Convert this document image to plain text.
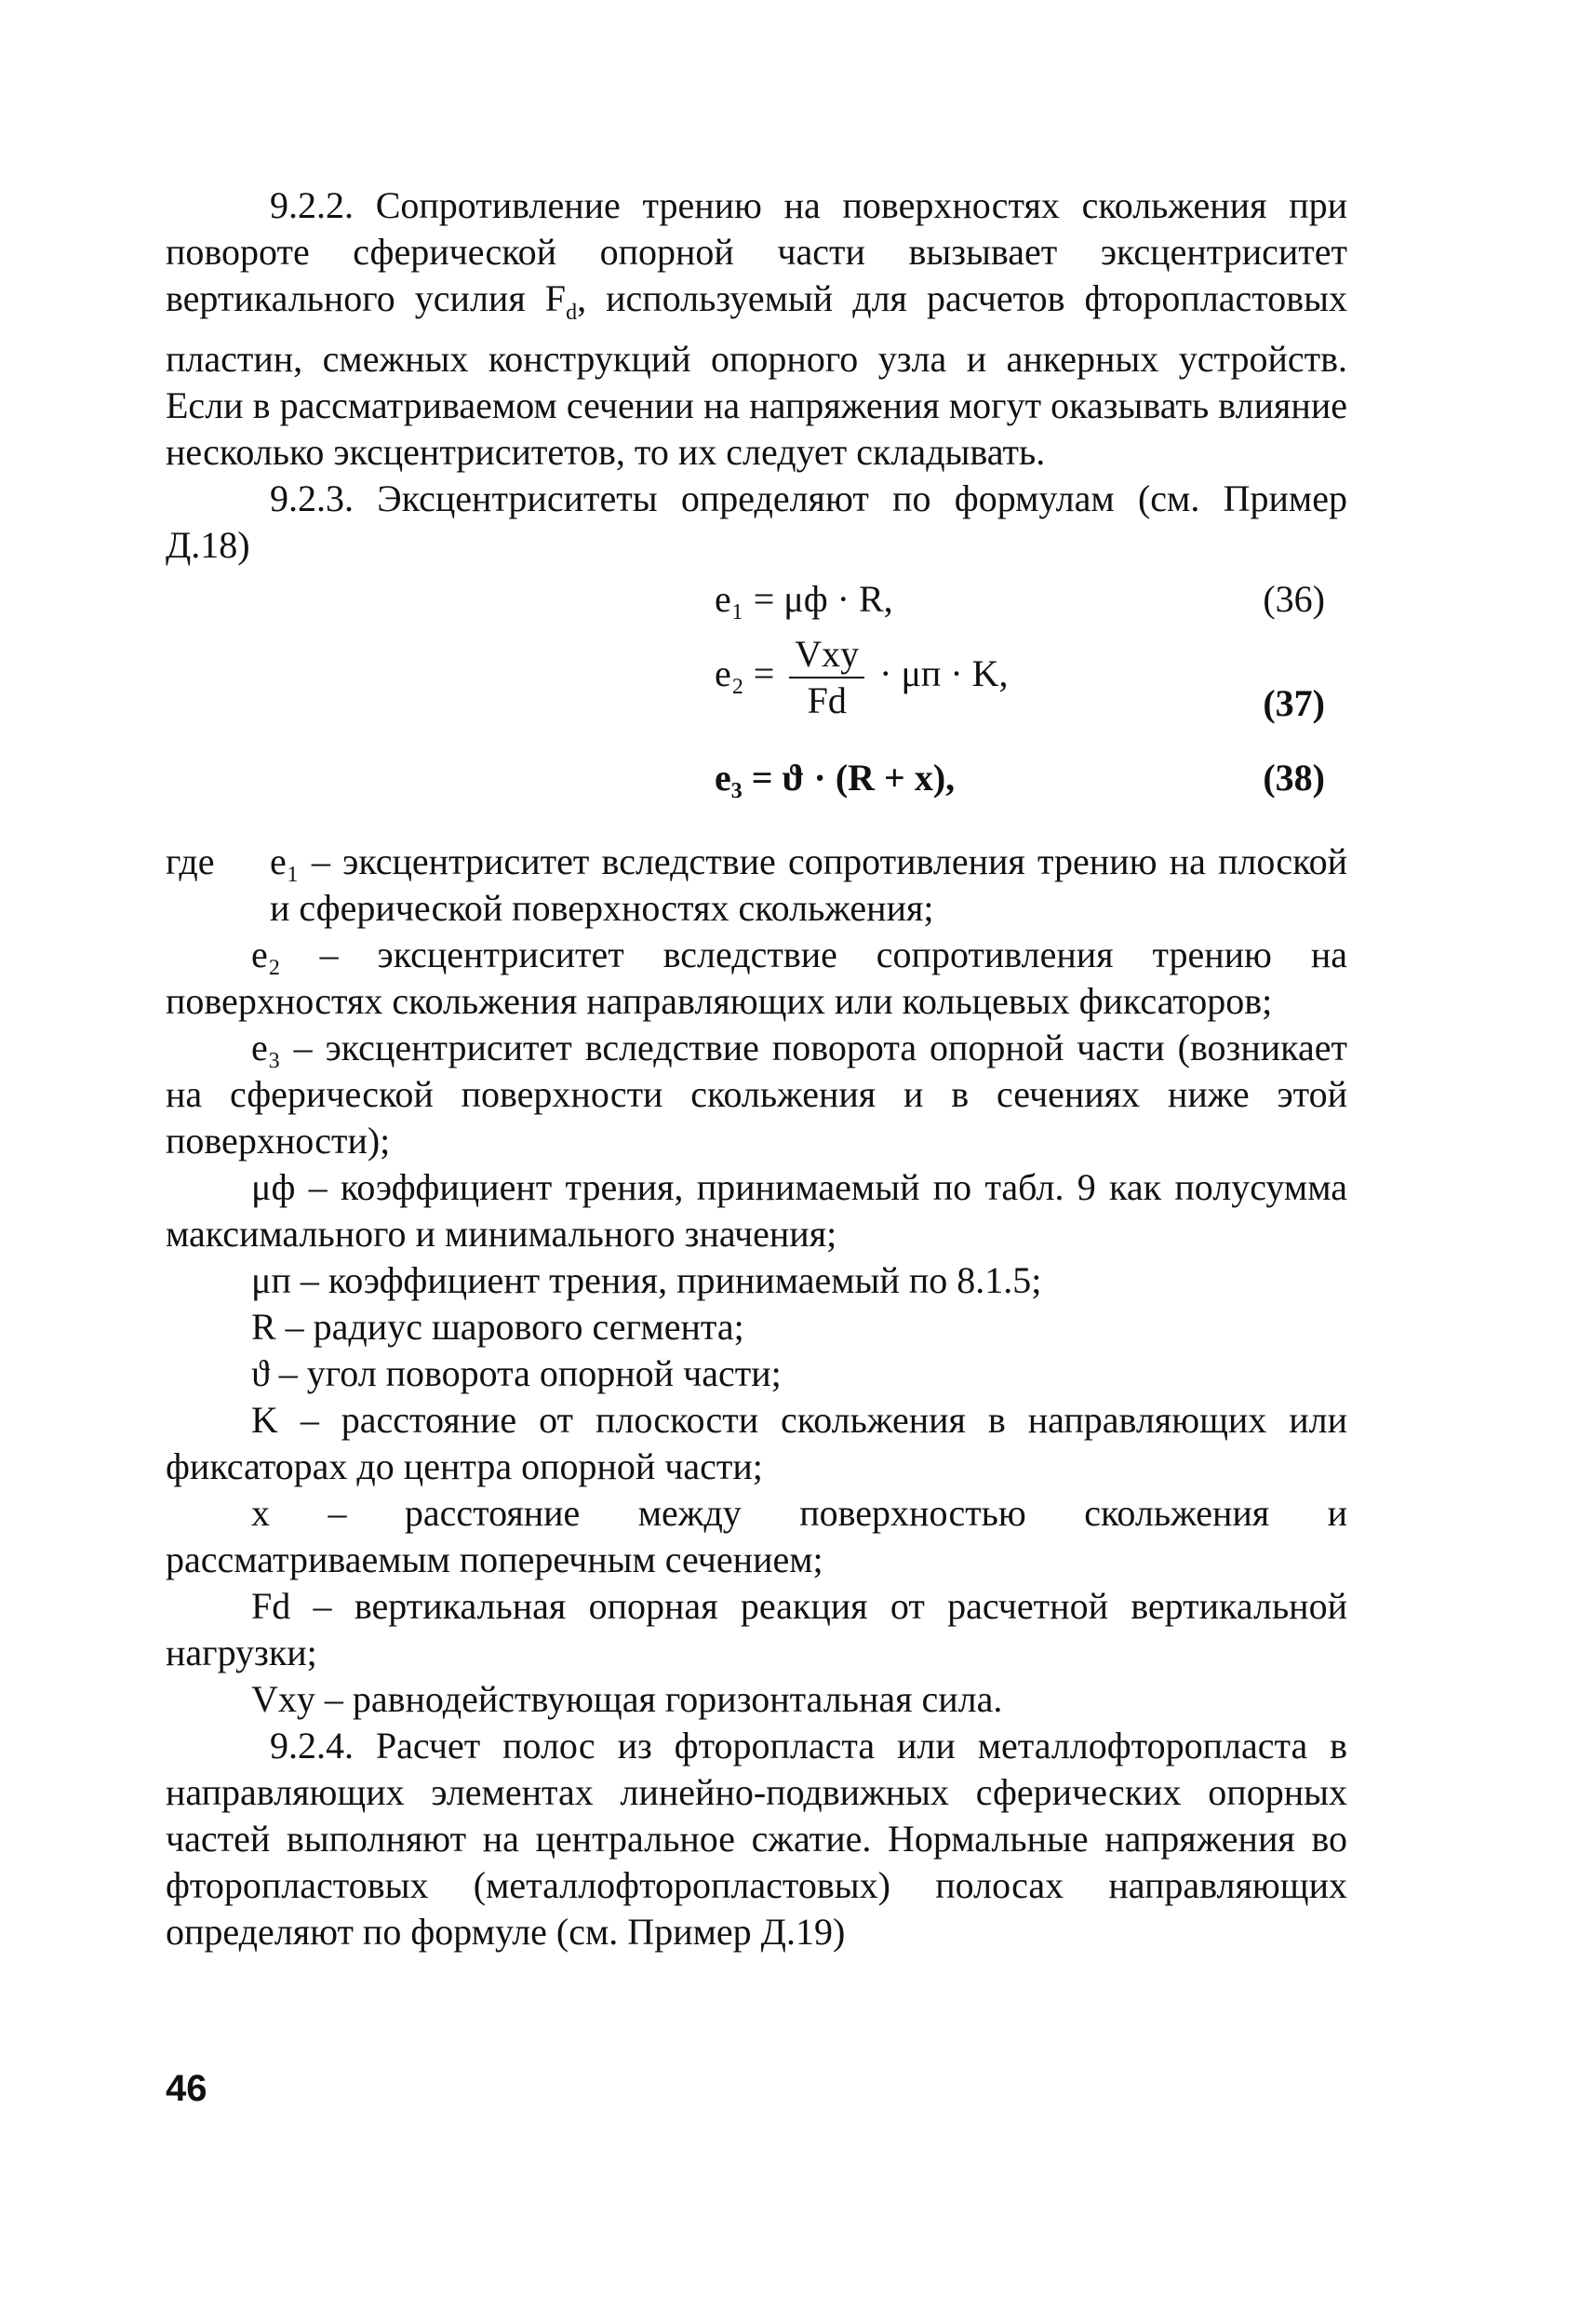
9.2.2. Сопротивление трению на поверхностях скольжения при повороте сферической опорной части вызывает эксцентриситет вертикального усилия $F_d$, используемый для расчетов фторопластовых пластин, смежных конструкций опорного узла и анкерных устройств. Если в рассматриваемом сечении на напряжения могут оказывать влияние несколько эксцентриситетов, то их следует складывать.

9.2.3. Эксцентриситеты определяют по формулам (см. Пример Д.18)

e₁ = μф · R,	(36)
$e_2 = \frac{\text{Vxy}}{Fd} \cdot \mu п \cdot K$,
(37)
e₃ = ϑ · (R + x),	(38)
где	e₁ – эксцентриситет вследствие сопротивления трению на плоской и сферической поверхностях скольжения;

e₂ – эксцентриситет вследствие сопротивления трению на поверхностях скольжения направляющих или кольцевых фиксаторов;

e₃ – эксцентриситет вследствие поворота опорной части (возникает на сферической поверхности скольжения и в сечениях ниже этой поверхности);

μф – коэффициент трения, принимаемый по табл. 9 как полусумма максимального и минимального значения;

μп – коэффициент трения, принимаемый по 8.1.5;

R – радиус шарового сегмента;

ϑ – угол поворота опорной части;

K – расстояние от плоскости скольжения в направляющих или фиксаторах до центра опорной части;

x – расстояние между поверхностью скольжения и рассматриваемым поперечным сечением;

Fd – вертикальная опорная реакция от расчетной вертикальной нагрузки;

Vxy – равнодействующая горизонтальная сила.

9.2.4. Расчет полос из фторопласта или металлофторопласта в направляющих элементах линейно-подвижных сферических опорных частей выполняют на центральное сжатие. Нормальные напряжения во фторопластовых (металлофторопластовых) полосах направляющих определяют по формуле (см. Пример Д.19)

46
